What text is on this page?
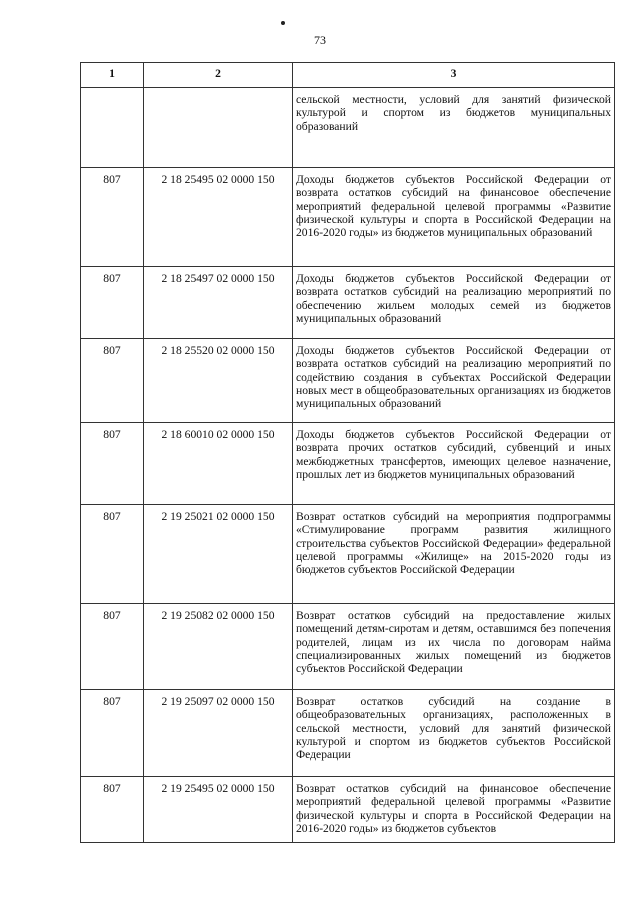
73
1	2	3
		сельской местности, условий для занятий физической культурой и спортом из бюджетов муниципальных образований
807	2 18 25495 02 0000 150	Доходы бюджетов субъектов Российской Федерации от возврата остатков субсидий на финансовое обеспечение мероприятий федеральной целевой программы «Развитие физической культуры и спорта в Российской Федерации на 2016-2020 годы» из бюджетов муниципальных образований
807	2 18 25497 02 0000 150	Доходы бюджетов субъектов Российской Федерации от возврата остатков субсидий на реализацию мероприятий по обеспечению жильем молодых семей из бюджетов муниципальных образований
807	2 18 25520 02 0000 150	Доходы бюджетов субъектов Российской Федерации от возврата остатков субсидий на реализацию мероприятий по содействию создания в субъектах Российской Федерации новых мест в общеобразовательных организациях из бюджетов муниципальных образований
807	2 18 60010 02 0000 150	Доходы бюджетов субъектов Российской Федерации от возврата прочих остатков субсидий, субвенций и иных межбюджетных трансфертов, имеющих целевое назначение, прошлых лет из бюджетов муниципальных образований
807	2 19 25021 02 0000 150	Возврат остатков субсидий на мероприятия подпрограммы «Стимулирование программ развития жилищного строительства субъектов Российской Федерации» федеральной целевой программы «Жилище» на 2015-2020 годы из бюджетов субъектов Российской Федерации
807	2 19 25082 02 0000 150	Возврат остатков субсидий на предоставление жилых помещений детям-сиротам и детям, оставшимся без попечения родителей, лицам из их числа по договорам найма специализированных жилых помещений из бюджетов субъектов Российской Федерации
807	2 19 25097 02 0000 150	Возврат остатков субсидий на создание в общеобразовательных организациях, расположенных в сельской местности, условий для занятий физической культурой и спортом из бюджетов субъектов Российской Федерации
807	2 19 25495 02 0000 150	Возврат остатков субсидий на финансовое обеспечение мероприятий федеральной целевой программы «Развитие физической культуры и спорта в Российской Федерации на 2016-2020 годы» из бюджетов субъектов
